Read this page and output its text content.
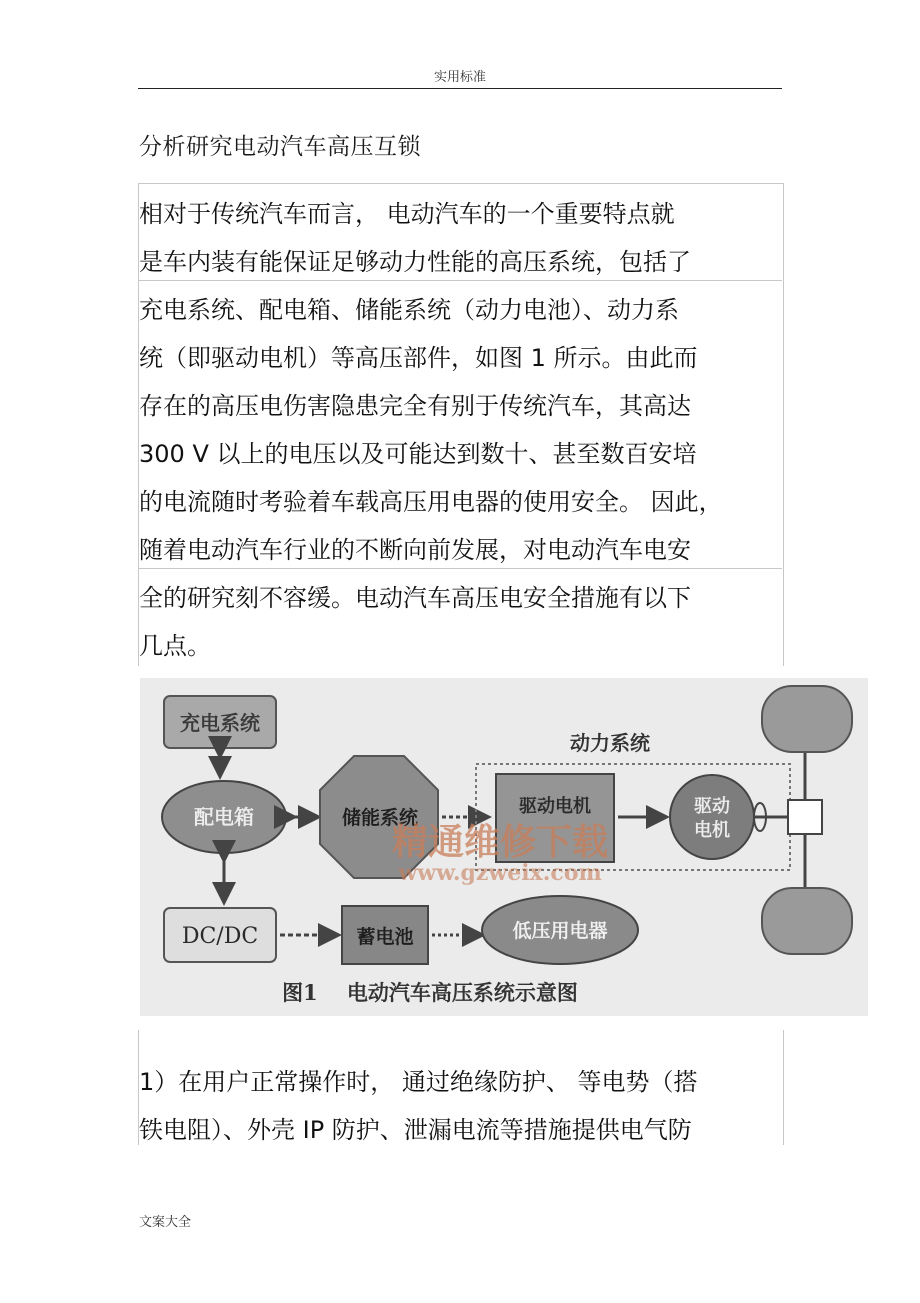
实用标准
分析研究电动汽车高压互锁
相对于传统汽车而言， 电动汽车的一个重要特点就
是车内装有能保证足够动力性能的高压系统，包括了
充电系统、配电箱、储能系统（动力电池）、动力系
统（即驱动电机）等高压部件，如图 1 所示。由此而
存在的高压电伤害隐患完全有别于传统汽车，其高达
300 V 以上的电压以及可能达到数十、甚至数百安培
的电流随时考验着车载高压用电器的使用安全。 因此，
随着电动汽车行业的不断向前发展，对电动汽车电安
全的研究刻不容缓。电动汽车高压电安全措施有以下
几点。
充电系统
配电箱	储能系统
动力系统
驱动电机	驱动
电机
DC/DC	蓄电池	低压用电器
精通维修下载
www.gzweix.com
图1    电动汽车高压系统示意图
1）在用户正常操作时， 通过绝缘防护、 等电势（搭
铁电阻）、外壳 IP 防护、泄漏电流等措施提供电气防
文案大全
